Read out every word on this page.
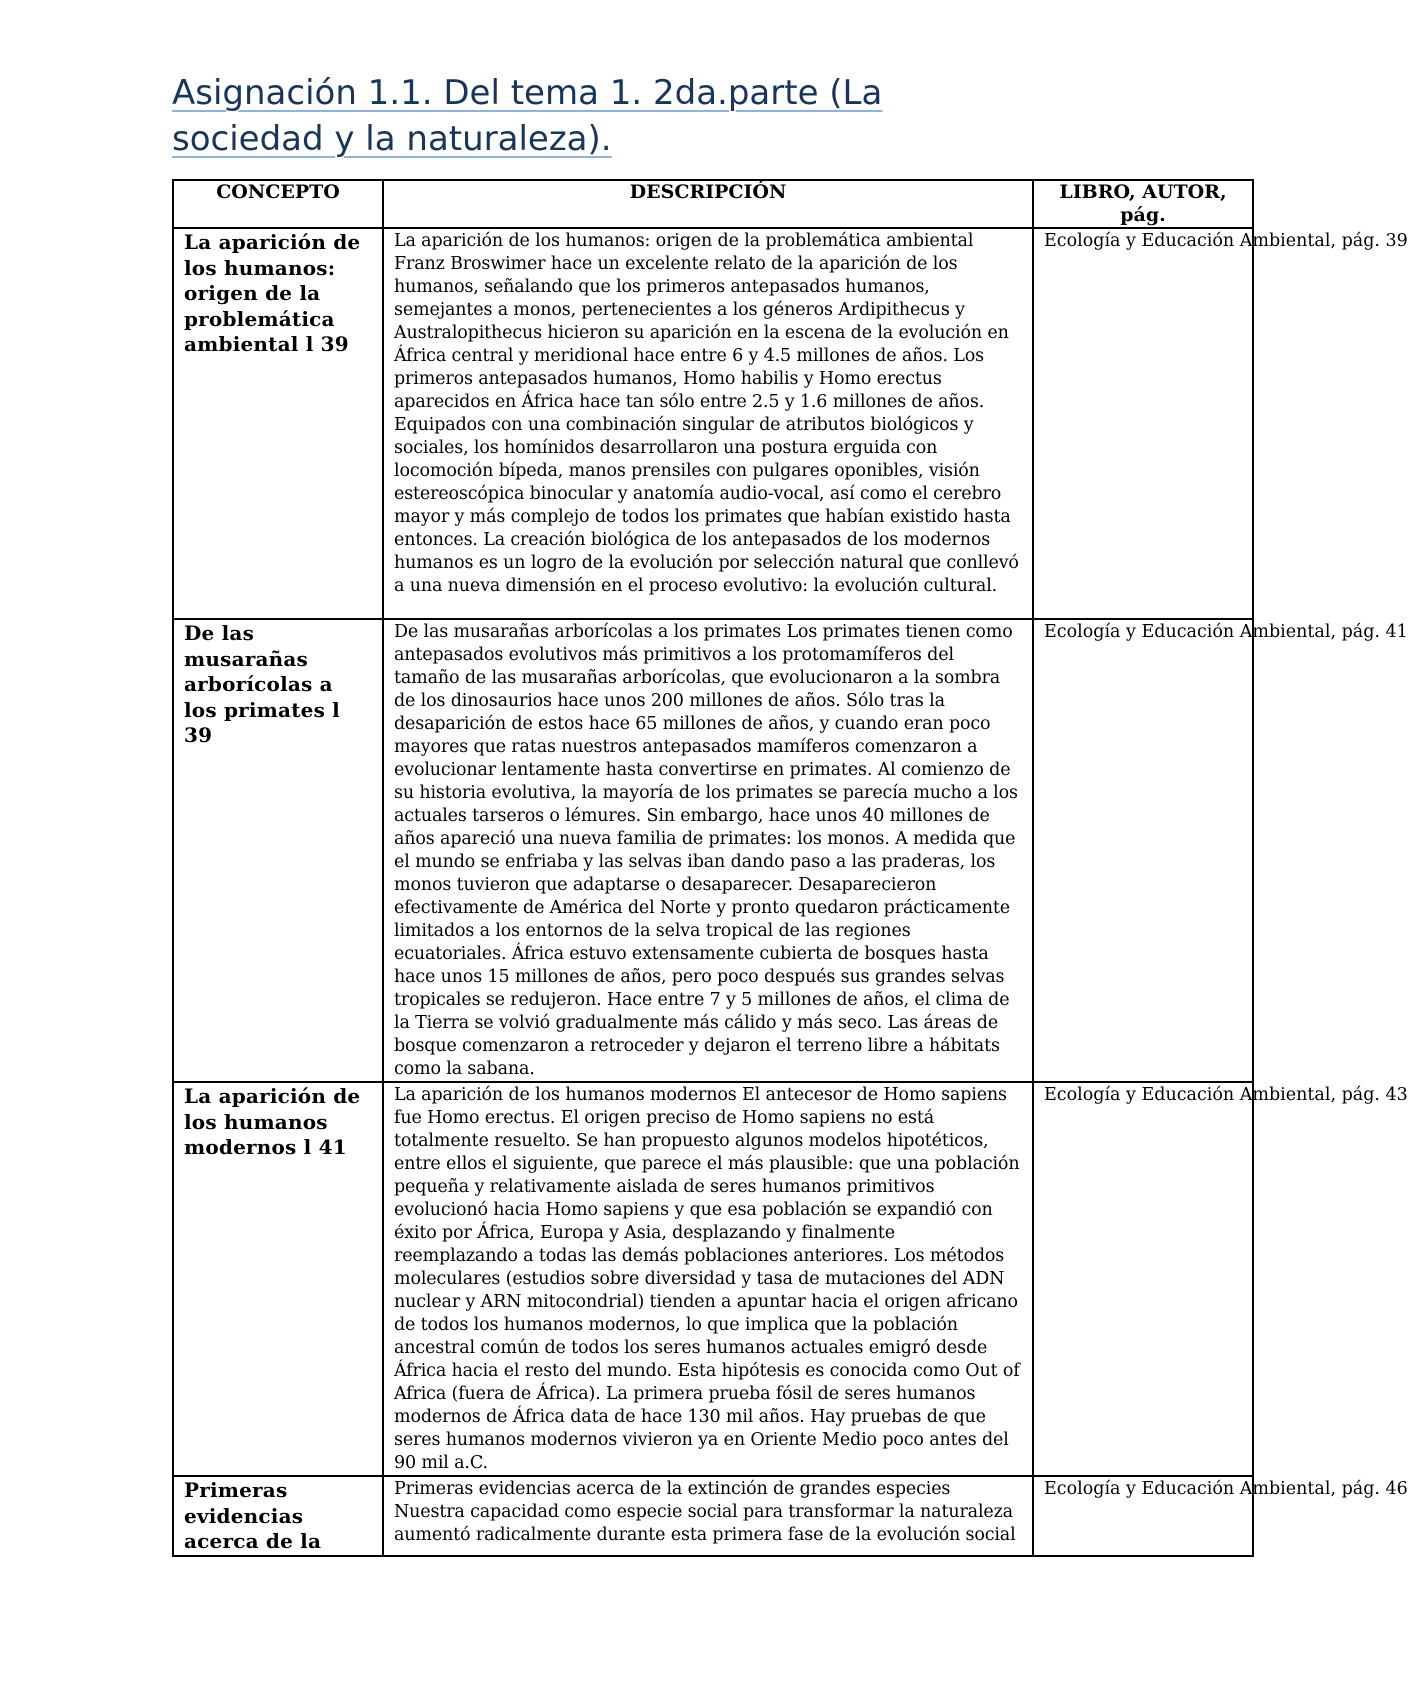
Asignación 1.1. Del tema 1. 2da.parte (La
sociedad y la naturaleza).
CONCEPTO	DESCRIPCIÓN	LIBRO, AUTOR, pág.
La aparición de los humanos: origen de la problemática ambiental l 39	La aparición de los humanos: origen de la problemática ambiental Franz Broswimer hace un excelente relato de la aparición de los humanos, señalando que los primeros antepasados humanos, semejantes a monos, pertenecientes a los géneros Ardipithecus y Australopithecus hicieron su aparición en la escena de la evolución en África central y meridional hace entre 6 y 4.5 millones de años. Los primeros antepasados humanos, Homo habilis y Homo erectus aparecidos en África hace tan sólo entre 2.5 y 1.6 millones de años. Equipados con una combinación singular de atributos biológicos y sociales, los homínidos desarrollaron una postura erguida con locomoción bípeda, manos prensiles con pulgares oponibles, visión estereoscópica binocular y anatomía audio-vocal, así como el cerebro mayor y más complejo de todos los primates que habían existido hasta entonces. La creación biológica de los antepasados de los modernos humanos es un logro de la evolución por selección natural que conllevó a una nueva dimensión en el proceso evolutivo: la evolución cultural.	Ecología y Educación Ambiental, pág. 39
De las musarañas arborícolas a los primates l 39	De las musarañas arborícolas a los primates Los primates tienen como antepasados evolutivos más primitivos a los protomamíferos del tamaño de las musarañas arborícolas, que evolucionaron a la sombra de los dinosaurios hace unos 200 millones de años. Sólo tras la desaparición de estos hace 65 millones de años, y cuando eran poco mayores que ratas nuestros antepasados mamíferos comenzaron a evolucionar lentamente hasta convertirse en primates. Al comienzo de su historia evolutiva, la mayoría de los primates se parecía mucho a los actuales tarseros o lémures. Sin embargo, hace unos 40 millones de años apareció una nueva familia de primates: los monos. A medida que el mundo se enfriaba y las selvas iban dando paso a las praderas, los monos tuvieron que adaptarse o desaparecer. Desaparecieron efectivamente de América del Norte y pronto quedaron prácticamente limitados a los entornos de la selva tropical de las regiones ecuatoriales. África estuvo extensamente cubierta de bosques hasta hace unos 15 millones de años, pero poco después sus grandes selvas tropicales se redujeron. Hace entre 7 y 5 millones de años, el clima de la Tierra se volvió gradualmente más cálido y más seco. Las áreas de bosque comenzaron a retroceder y dejaron el terreno libre a hábitats como la sabana.	Ecología y Educación Ambiental, pág. 41
La aparición de los humanos modernos l 41	La aparición de los humanos modernos El antecesor de Homo sapiens fue Homo erectus. El origen preciso de Homo sapiens no está totalmente resuelto. Se han propuesto algunos modelos hipotéticos, entre ellos el siguiente, que parece el más plausible: que una población pequeña y relativamente aislada de seres humanos primitivos evolucionó hacia Homo sapiens y que esa población se expandió con éxito por África, Europa y Asia, desplazando y finalmente reemplazando a todas las demás poblaciones anteriores. Los métodos moleculares (estudios sobre diversidad y tasa de mutaciones del ADN nuclear y ARN mitocondrial) tienden a apuntar hacia el origen africano de todos los humanos modernos, lo que implica que la población ancestral común de todos los seres humanos actuales emigró desde África hacia el resto del mundo. Esta hipótesis es conocida como Out of Africa (fuera de África). La primera prueba fósil de seres humanos modernos de África data de hace 130 mil años. Hay pruebas de que seres humanos modernos vivieron ya en Oriente Medio poco antes del 90 mil a.C.	Ecología y Educación Ambiental, pág. 43
Primeras evidencias acerca de la	Primeras evidencias acerca de la extinción de grandes especies Nuestra capacidad como especie social para transformar la naturaleza aumentó radicalmente durante esta primera fase de la evolución social	Ecología y Educación Ambiental, pág. 46
